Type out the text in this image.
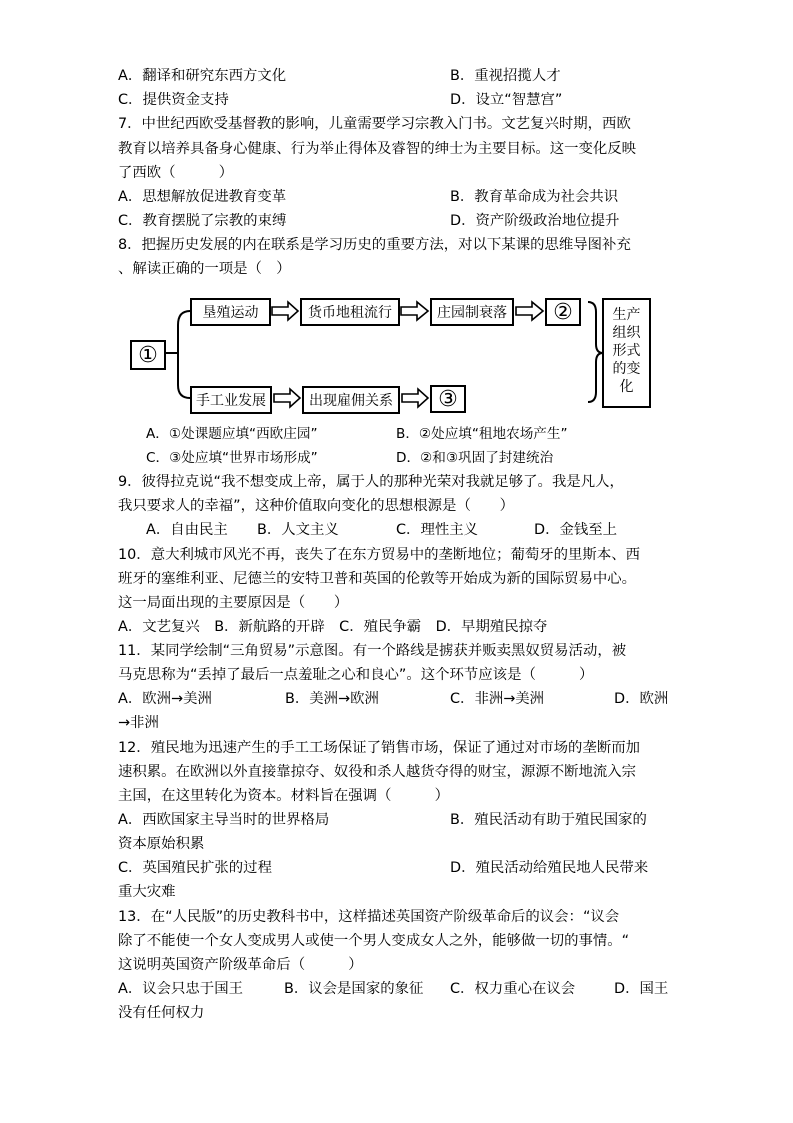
A．翻译和研究东西方文化	B．重视招揽人才
C．提供资金支持	D．设立“智慧宫”
7．中世纪西欧受基督教的影响，儿童需要学习宗教入门书。文艺复兴时期，西欧
教育以培养具备身心健康、行为举止得体及睿智的绅士为主要目标。这一变化反映
了西欧（　　　）
A．思想解放促进教育变革	B．教育革命成为社会共识
C．教育摆脱了宗教的束缚	D．资产阶级政治地位提升
8．把握历史发展的内在联系是学习历史的重要方法，对以下某课的思维导图补充
、解读正确的一项是（　）
①
垦殖运动	货币地租流行	庄园制衰落	②
手工业发展	出现雇佣关系	③
生产组织形式的变化
A．①处课题应填“西欧庄园”	B．②处应填“租地农场产生”
C．③处应填“世界市场形成”	D．②和③巩固了封建统治
9．彼得拉克说“我不想变成上帝，属于人的那种光荣对我就足够了。我是凡人，
我只要求人的幸福”，这种价值取向变化的思想根源是（　　）
A．自由民主 B．人文主义	C．理性主义	D．金钱至上
10．意大利城市风光不再，丧失了在东方贸易中的垄断地位；葡萄牙的里斯本、西
班牙的塞维利亚、尼德兰的安特卫普和英国的伦敦等开始成为新的国际贸易中心。
这一局面出现的主要原因是（　　）
A．文艺复兴　B．新航路的开辟　C．殖民争霸　D．早期殖民掠夺
11．某同学绘制“三角贸易”示意图。有一个路线是掳获并贩卖黑奴贸易活动，被
马克思称为“丢掉了最后一点羞耻之心和良心”。这个环节应该是（　　　）
A．欧洲→美洲	B．美洲→欧洲	C．非洲→美洲	D．欧洲
→非洲
12．殖民地为迅速产生的手工工场保证了销售市场，保证了通过对市场的垄断而加
速积累。在欧洲以外直接靠掠夺、奴役和杀人越货夺得的财宝，源源不断地流入宗
主国，在这里转化为资本。材料旨在强调（　　　）
A．西欧国家主导当时的世界格局	B．殖民活动有助于殖民国家的
资本原始积累
C．英国殖民扩张的过程	D．殖民活动给殖民地人民带来
重大灾难
13．在“人民版”的历史教科书中，这样描述英国资产阶级革命后的议会：“议会
除了不能使一个女人变成男人或使一个男人变成女人之外，能够做一切的事情。“
这说明英国资产阶级革命后（　　　）
A．议会只忠于国王	B．议会是国家的象征 C．权力重心在议会	D．国王
没有任何权力
